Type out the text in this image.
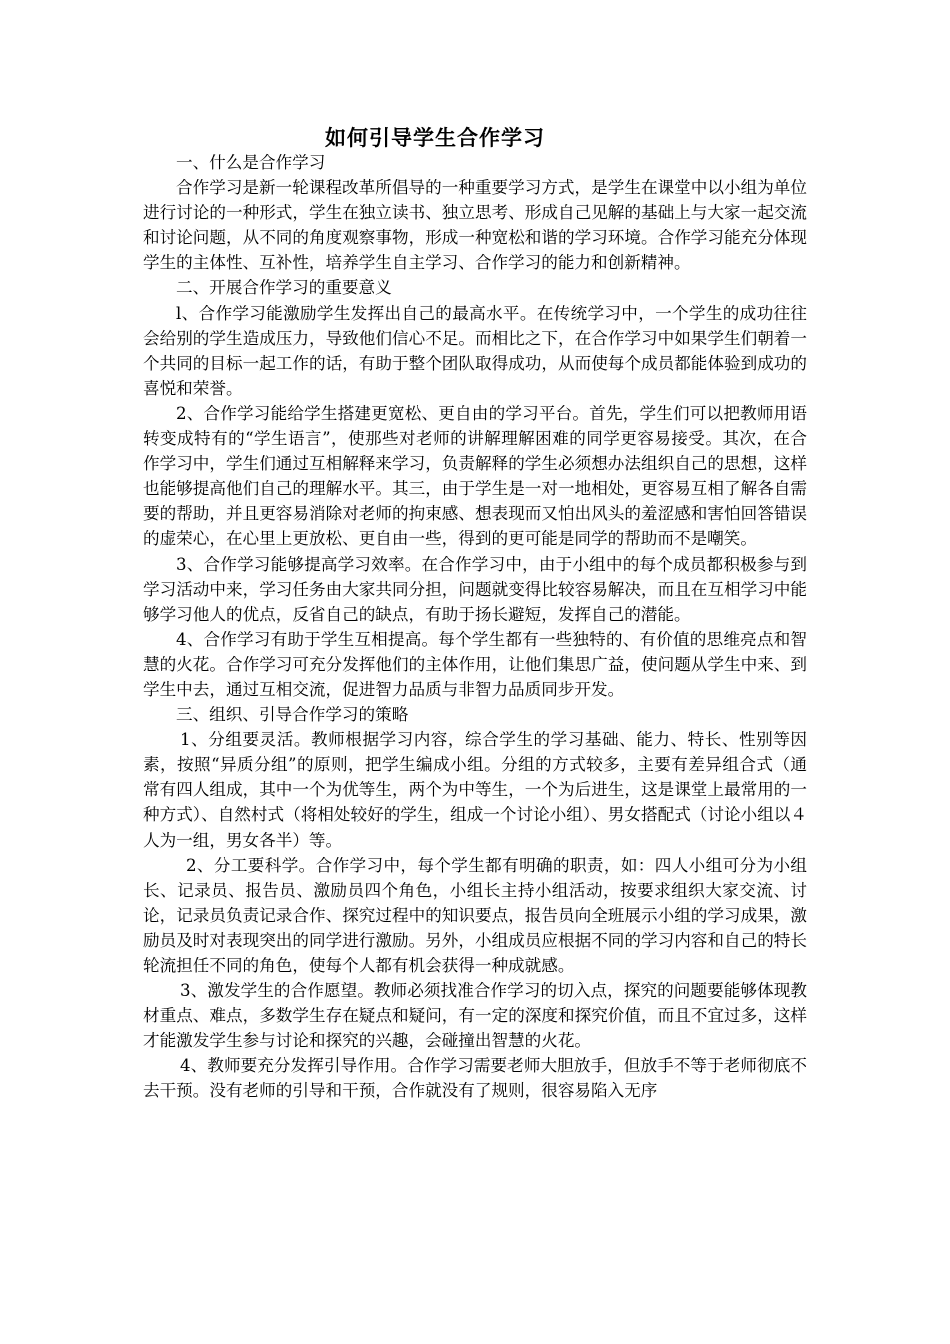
如何引导学生合作学习

一、什么是合作学习

合作学习是新一轮课程改革所倡导的一种重要学习方式，是学生在课堂中以小组为单位进行讨论的一种形式，学生在独立读书、独立思考、形成自己见解的基础上与大家一起交流和讨论问题，从不同的角度观察事物，形成一种宽松和谐的学习环境。合作学习能充分体现学生的主体性、互补性，培养学生自主学习、合作学习的能力和创新精神。

二、开展合作学习的重要意义

l、合作学习能激励学生发挥出自己的最高水平。在传统学习中，一个学生的成功往往会给别的学生造成压力，导致他们信心不足。而相比之下，在合作学习中如果学生们朝着一个共同的目标一起工作的话，有助于整个团队取得成功，从而使每个成员都能体验到成功的喜悦和荣誉。

2、合作学习能给学生搭建更宽松、更自由的学习平台。首先，学生们可以把教师用语转变成特有的“学生语言”，使那些对老师的讲解理解困难的同学更容易接受。其次，在合作学习中，学生们通过互相解释来学习，负责解释的学生必须想办法组织自己的思想，这样也能够提高他们自己的理解水平。其三，由于学生是一对一地相处，更容易互相了解各自需要的帮助，并且更容易消除对老师的拘束感、想表现而又怕出风头的羞涩感和害怕回答错误的虚荣心，在心里上更放松、更自由一些，得到的更可能是同学的帮助而不是嘲笑。

3、合作学习能够提高学习效率。在合作学习中，由于小组中的每个成员都积极参与到学习活动中来，学习任务由大家共同分担，问题就变得比较容易解决，而且在互相学习中能够学习他人的优点，反省自己的缺点，有助于扬长避短，发挥自己的潜能。

4、合作学习有助于学生互相提高。每个学生都有一些独特的、有价值的思维亮点和智慧的火花。合作学习可充分发挥他们的主体作用，让他们集思广益，使问题从学生中来、到学生中去，通过互相交流，促进智力品质与非智力品质同步开发。

三、组织、引导合作学习的策略

1、分组要灵活。教师根据学习内容，综合学生的学习基础、能力、特长、性别等因素，按照“异质分组”的原则，把学生编成小组。分组的方式较多，主要有差异组合式（通常有四人组成，其中一个为优等生，两个为中等生，一个为后进生，这是课堂上最常用的一种方式）、自然村式（将相处较好的学生，组成一个讨论小组）、男女搭配式（讨论小组以４人为一组，男女各半）等。

2、分工要科学。合作学习中，每个学生都有明确的职责，如：四人小组可分为小组长、记录员、报告员、激励员四个角色，小组长主持小组活动，按要求组织大家交流、讨论，记录员负责记录合作、探究过程中的知识要点，报告员向全班展示小组的学习成果，激励员及时对表现突出的同学进行激励。另外，小组成员应根据不同的学习内容和自己的特长轮流担任不同的角色，使每个人都有机会获得一种成就感。

3、激发学生的合作愿望。教师必须找准合作学习的切入点，探究的问题要能够体现教材重点、难点，多数学生存在疑点和疑问，有一定的深度和探究价值，而且不宜过多，这样才能激发学生参与讨论和探究的兴趣，会碰撞出智慧的火花。

4、教师要充分发挥引导作用。合作学习需要老师大胆放手，但放手不等于老师彻底不去干预。没有老师的引导和干预，合作就没有了规则，很容易陷入无序
